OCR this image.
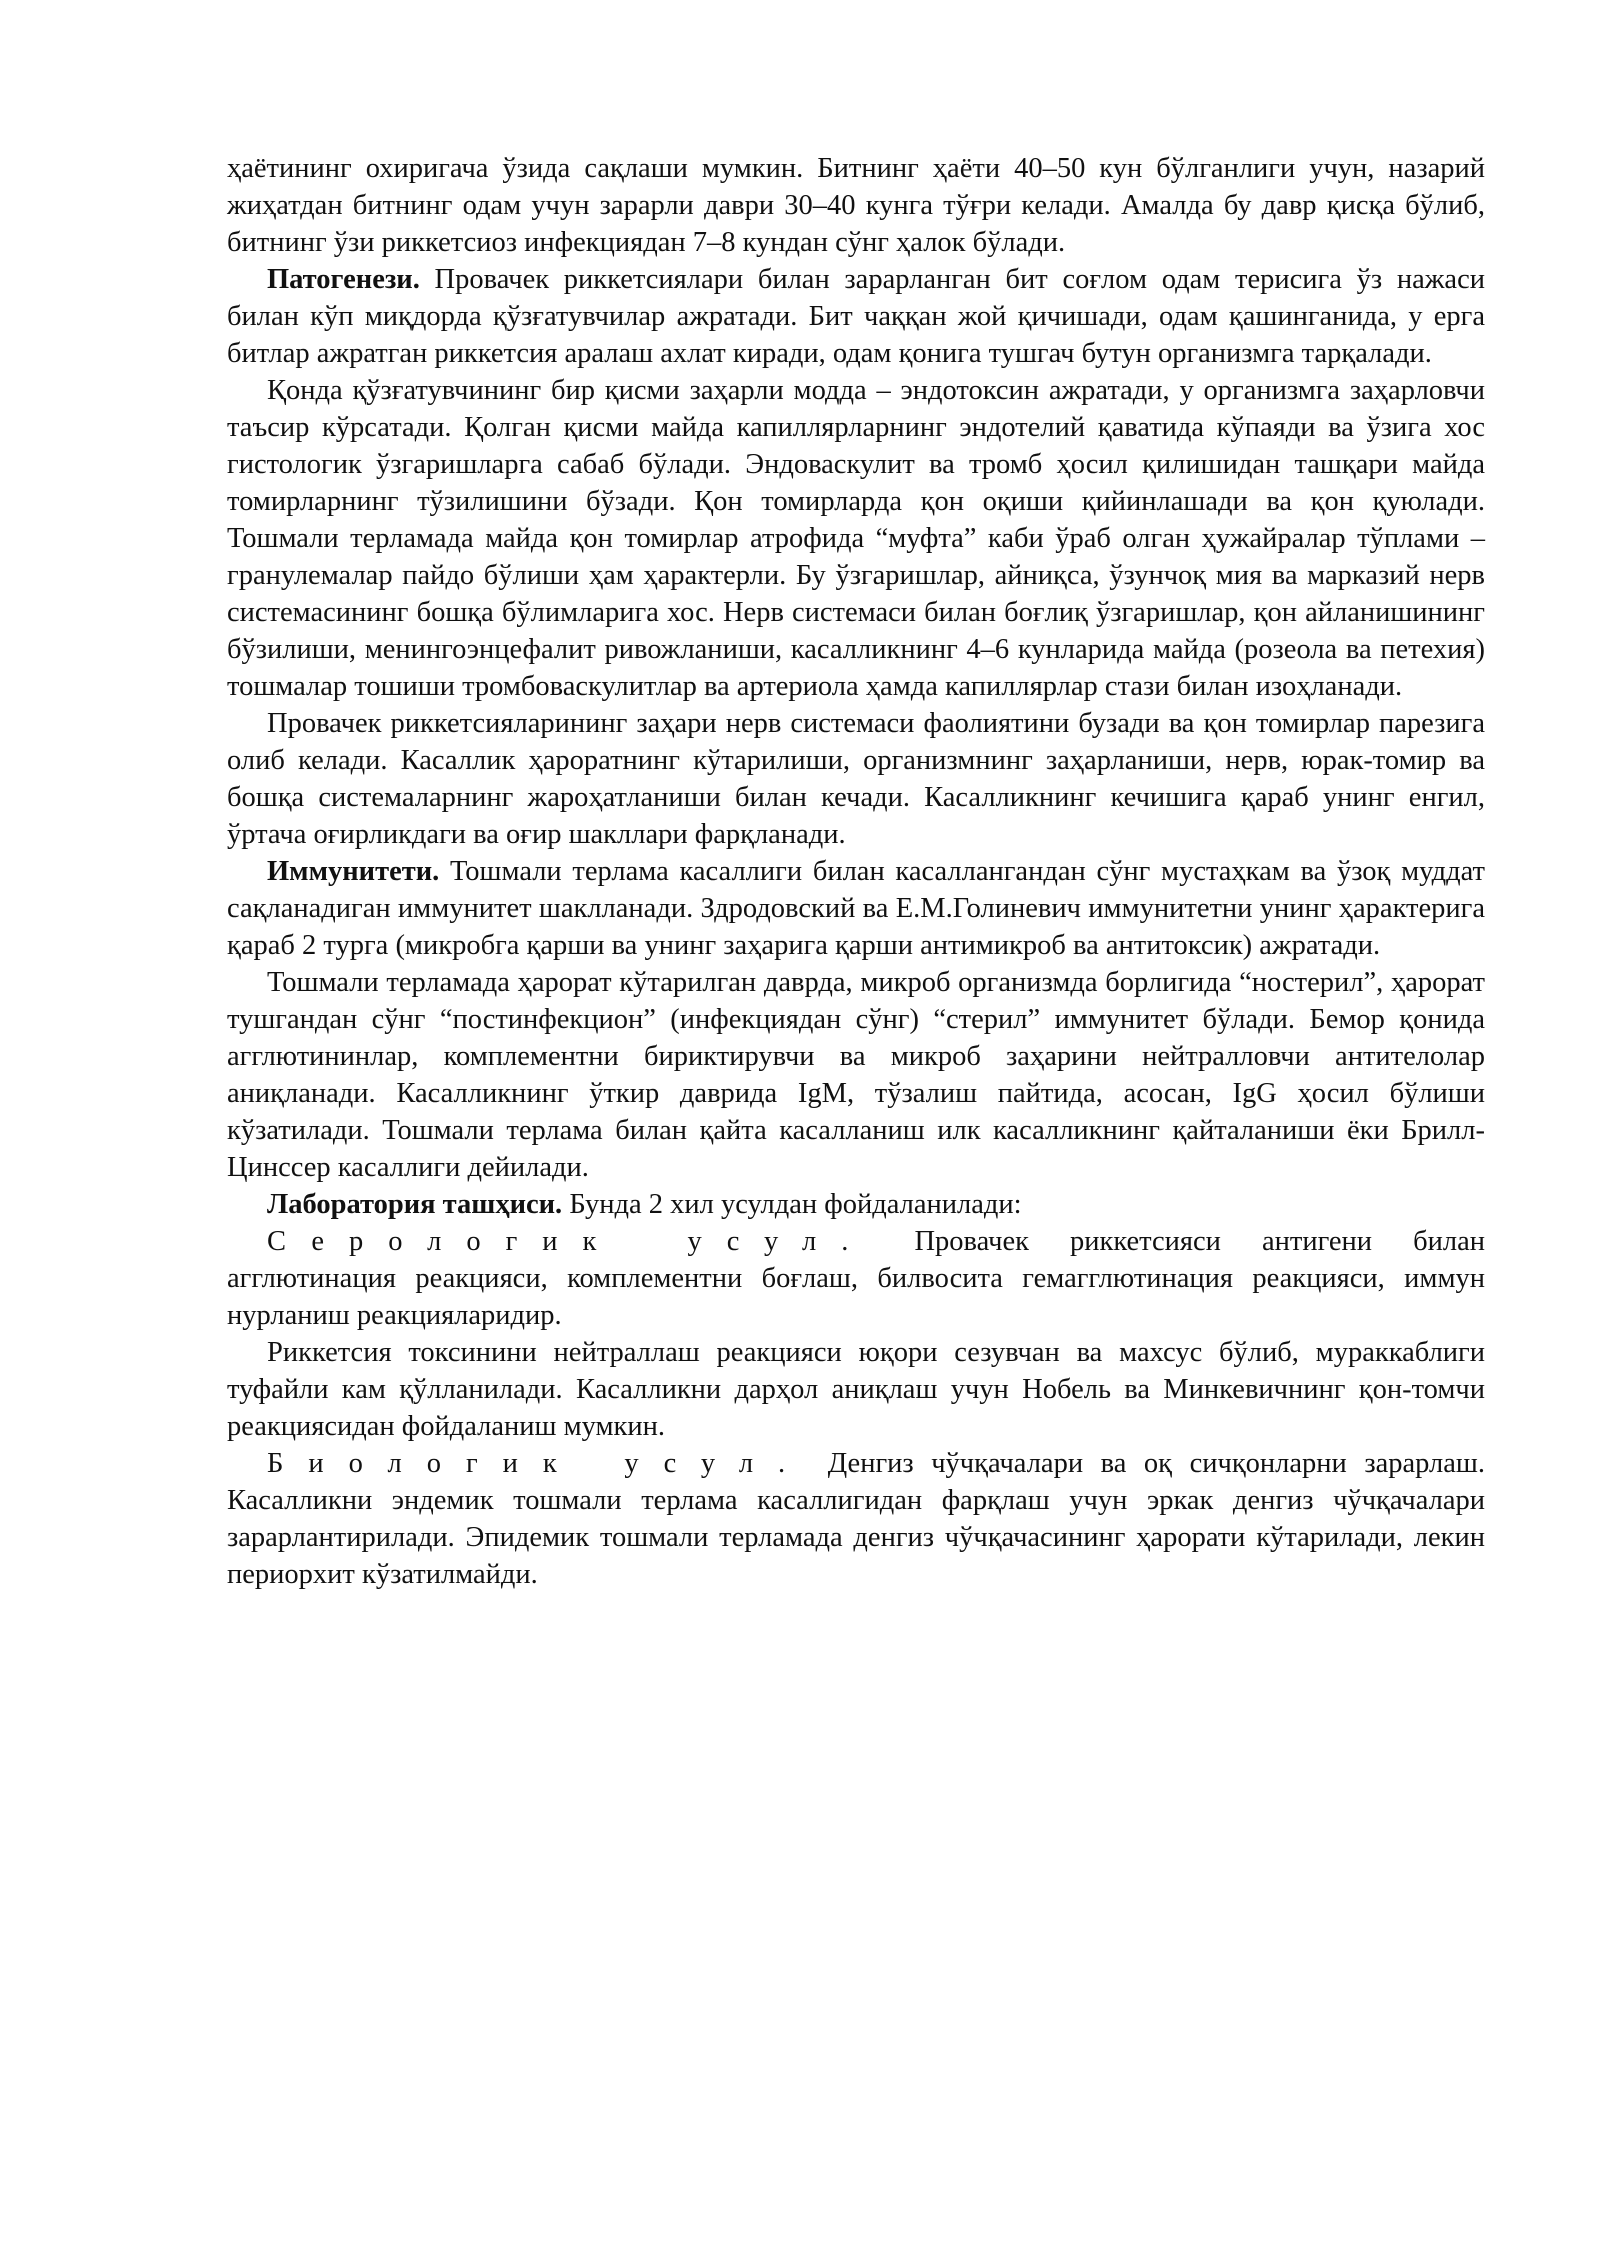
ҳаётининг охиригача ўзида сақлаши мумкин. Битнинг ҳаёти 40–50 кун бўлганлиги учун, назарий жиҳатдан битнинг одам учун зарарли даври 30–40 кунга тўғри келади. Амалда бу давр қисқа бўлиб, битнинг ўзи риккетсиоз инфекциядан 7–8 кундан сўнг ҳалок бўлади.

Патогенези. Провачек риккетсиялари билан зарарланган бит соғлом одам терисига ўз нажаси билан кўп миқдорда қўзғатувчилар ажратади. Бит чаққан жой қичишади, одам қашинганида, у ерга битлар ажратган риккетсия аралаш ахлат киради, одам қонига тушгач бутун организмга тарқалади.

Қонда қўзғатувчининг бир қисми заҳарли модда – эндотоксин ажратади, у организмга заҳарловчи таъсир кўрсатади. Қолган қисми майда капиллярларнинг эндотелий қаватида кўпаяди ва ўзига хос гистологик ўзгаришларга сабаб бўлади. Эндоваскулит ва тромб ҳосил қилишидан ташқари майда томирларнинг тўзилишини бўзади. Қон томирларда қон оқиши қийинлашади ва қон қуюлади. Тошмали терламада майда қон томирлар атрофида “муфта” каби ўраб олган ҳужайралар тўплами – гранулемалар пайдо бўлиши ҳам ҳарактерли. Бу ўзгаришлар, айниқса, ўзунчоқ мия ва марказий нерв системасининг бошқа бўлимларига хос. Нерв системаси билан боғлиқ ўзгаришлар, қон айланишининг бўзилиши, менингоэнцефалит ривожланиши, касалликнинг 4–6 кунларида майда (розеола ва петехия) тошмалар тошиши тромбоваскулитлар ва артериола ҳамда капиллярлар стази билан изоҳланади.

Провачек риккетсияларининг заҳари нерв системаси фаолиятини бузади ва қон томирлар парезига олиб келади. Касаллик ҳароратнинг кўтарилиши, организмнинг заҳарланиши, нерв, юрак-томир ва бошқа системаларнинг жароҳатланиши билан кечади. Касалликнинг кечишига қараб унинг енгил, ўртача оғирликдаги ва оғир шакллари фарқланади.

Иммунитети. Тошмали терлама касаллиги билан касаллангандан сўнг мустаҳкам ва ўзоқ муддат сақланадиган иммунитет шаклланади. Здродовский ва Е.М.Голиневич иммунитетни унинг ҳарактерига қараб 2 турга (микробга қарши ва унинг заҳарига қарши антимикроб ва антитоксик) ажратади.

Тошмали терламада ҳарорат кўтарилган даврда, микроб организмда борлигида “ностерил”, ҳарорат тушгандан сўнг “постинфекцион” (инфекциядан сўнг) “стерил” иммунитет бўлади. Бемор қонида агглютининлар, комплементни бириктирувчи ва микроб заҳарини нейтралловчи антителолар аниқланади. Касалликнинг ўткир даврида IgM, тўзалиш пайтида, асосан, IgG ҳосил бўлиши кўзатилади. Тошмали терлама билан қайта касалланиш илк касалликнинг қайталаниши ёки Брилл-Цинссер касаллиги дейилади.

Лаборатория ташҳиси. Бунда 2 хил усулдан фойдаланилади:

Серологик усул. Провачек риккетсияси антигени билан агглютинация реакцияси, комплементни боғлаш, билвосита гемагглютинация реакцияси, иммун нурланиш реакцияларидир.

Риккетсия токсинини нейтраллаш реакцияси юқори сезувчан ва махсус бўлиб, мураккаблиги туфайли кам қўлланилади. Касалликни дарҳол аниқлаш учун Нобель ва Минкевичнинг қон-томчи реакциясидан фойдаланиш мумкин.

Биологик усул. Денгиз чўчқачалари ва оқ сичқонларни зарарлаш. Касалликни эндемик тошмали терлама касаллигидан фарқлаш учун эркак денгиз чўчқачалари зарарлантирилади. Эпидемик тошмали терламада денгиз чўчқачасининг ҳарорати кўтарилади, лекин периорхит кўзатилмайди.
